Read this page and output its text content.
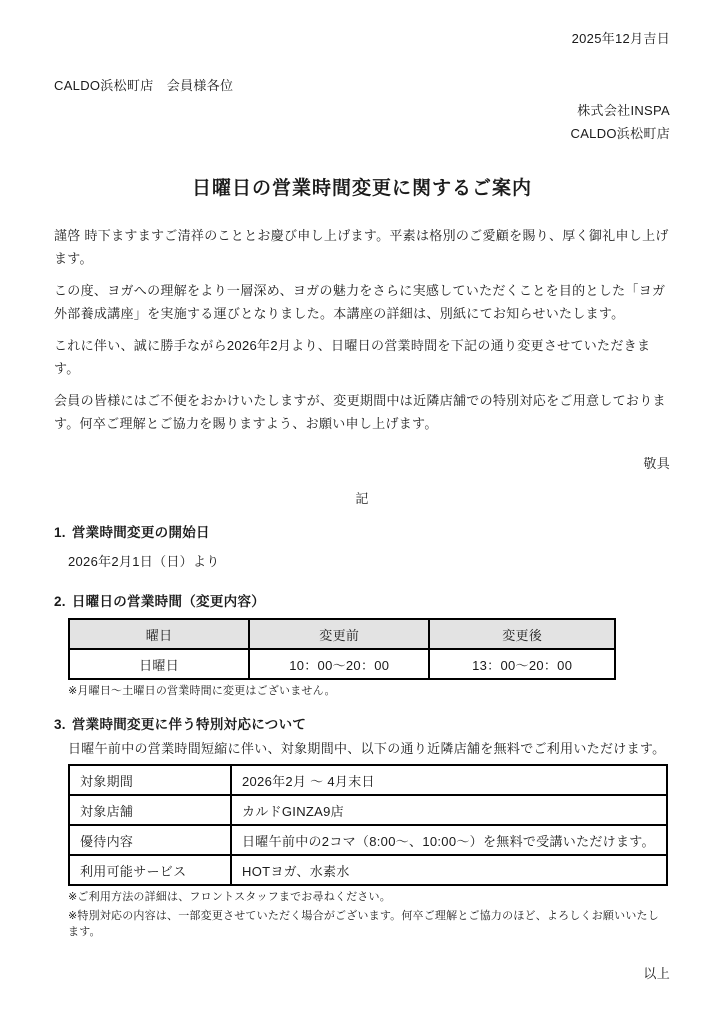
2025年12月吉日
CALDO浜松町店　会員様各位
株式会社INSPA
CALDO浜松町店
日曜日の営業時間変更に関するご案内

謹啓 時下ますますご清祥のこととお慶び申し上げます。平素は格別のご愛顧を賜り、厚く御礼申し上げます。

この度、ヨガへの理解をより一層深め、ヨガの魅力をさらに実感していただくことを目的とした「ヨガ外部養成講座」を実施する運びとなりました。本講座の詳細は、別紙にてお知らせいたします。

これに伴い、誠に勝手ながら2026年2月より、日曜日の営業時間を下記の通り変更させていただきます。

会員の皆様にはご不便をおかけいたしますが、変更期間中は近隣店舗での特別対応をご用意しております。何卒ご理解とご協力を賜りますよう、お願い申し上げます。

敬具
記
1. 営業時間変更の開始日
2026年2月1日（日）より
2. 日曜日の営業時間（変更内容）
曜日	変更前	変更後
日曜日	10：00～20：00	13：00～20：00
※月曜日～土曜日の営業時間に変更はございません。
3. 営業時間変更に伴う特別対応について
日曜午前中の営業時間短縮に伴い、対象期間中、以下の通り近隣店舗を無料でご利用いただけます。
対象期間	2026年2月 ～ 4月末日
対象店舗	カルドGINZA9店
優待内容	日曜午前中の2コマ（8:00～、10:00～）を無料で受講いただけます。
利用可能サービス	HOTヨガ、水素水
※ご利用方法の詳細は、フロントスタッフまでお尋ねください。
※特別対応の内容は、一部変更させていただく場合がございます。何卒ご理解とご協力のほど、よろしくお願いいたします。
以上
